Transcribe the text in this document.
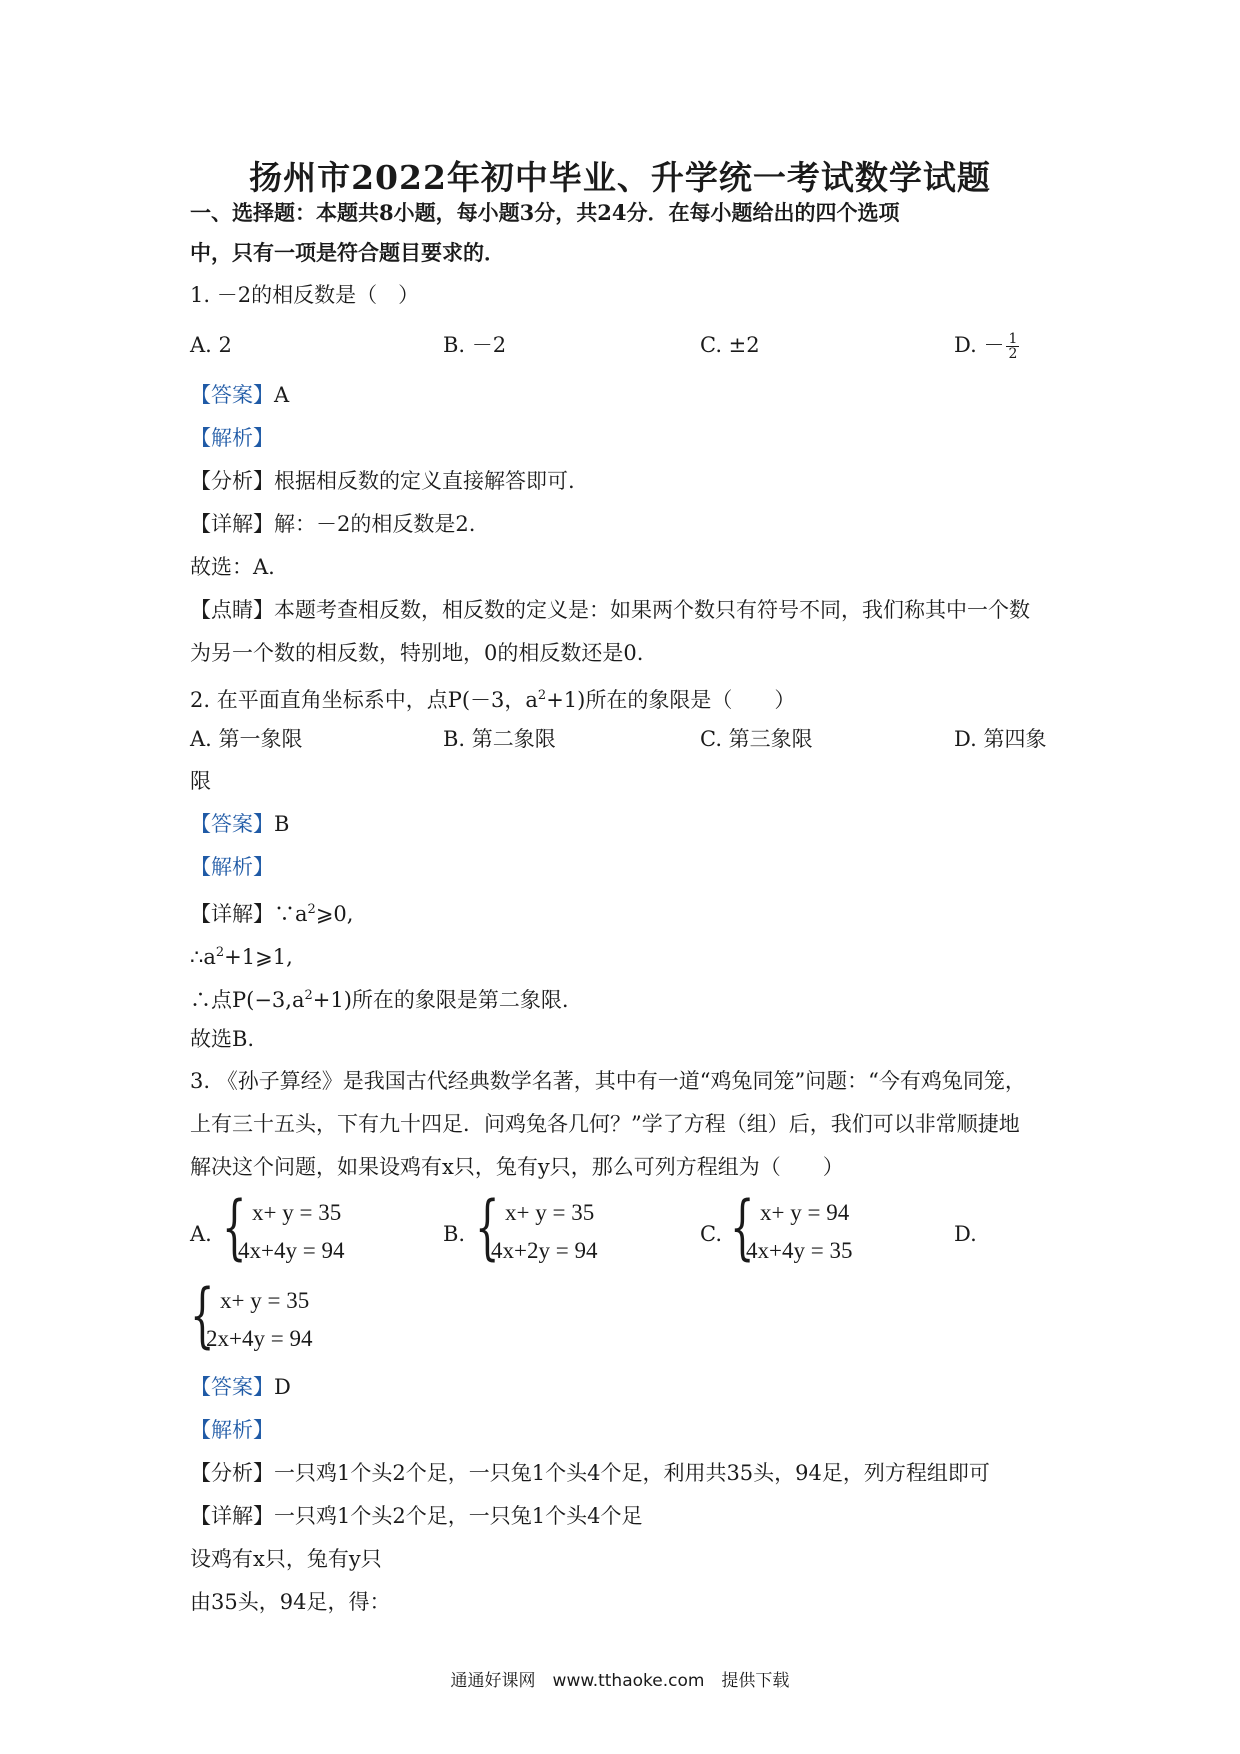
扬州市2022年初中毕业、升学统一考试数学试题
一、选择题：本题共8小题，每小题3分，共24分．在每小题给出的四个选项
中，只有一项是符合题目要求的．
1. －2的相反数是（　）
A. 2	B. －2	C. ±2	D. － $\frac{1}{2}$
【答案】A
【解析】
【分析】根据相反数的定义直接解答即可.
【详解】解：－2的相反数是2.
故选：A.
【点睛】本题考查相反数，相反数的定义是：如果两个数只有符号不同，我们称其中一个数
为另一个数的相反数，特别地，0的相反数还是0.
2. 在平面直角坐标系中，点P(－3，$a^2+1$)所在的象限是（　　）
A. 第一象限	B. 第二象限	C. 第三象限	D. 第四象
限
【答案】B
【解析】
【详解】$\because a^2⩾0$,
$\therefore a^2+1⩾1$,
∴点$P(-3,a^2+1)$所在的象限是第二象限.
故选B.
3. 《孙子算经》是我国古代经典数学名著，其中有一道“鸡兔同笼”问题：“今有鸡兔同笼，
上有三十五头，下有九十四足．问鸡兔各几何？”学了方程（组）后，我们可以非常顺捷地
解决这个问题，如果设鸡有x只，兔有y只，那么可列方程组为（　　）
A. { x+ y = 35
4x+4y = 94
B. { x+ y = 35
4x+2y = 94
C. { x+ y = 94
4x+4y = 35
D.
{ x+ y = 35
2x+4y = 94
【答案】D
【解析】
【分析】一只鸡1个头2个足，一只兔1个头4个足，利用共35头，94足，列方程组即可
【详解】一只鸡1个头2个足，一只兔1个头4个足
设鸡有x只，兔有y只
由35头，94足，得：
通通好课网　www.tthaoke.com　提供下载
